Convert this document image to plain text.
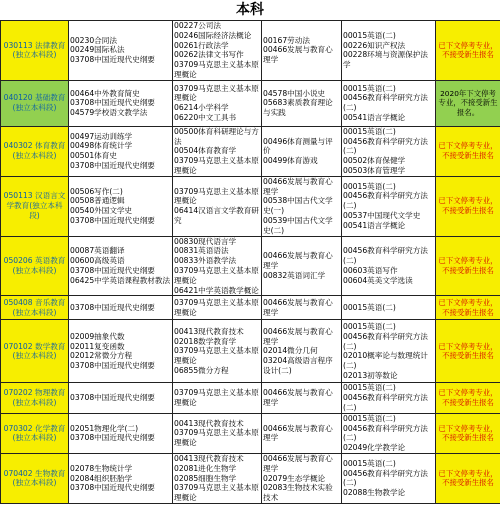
本科
030113 法律教育
(独立本科段)	00230合同法
00249国际私法
03708中国近现代史纲要	00227公司法
00246国际经济法概论
00261行政法学
00262法律文书写作
03709马克思主义基本原理概论	00167劳动法
00466发展与教育心理学	00015英语(二)
00226知识产权法
00228环境与资源保护法学	已下文停考专业，不接受新生报名
040120 基础教育
(独立本科段)	00464中外教育简史
03708中国近现代史纲要
04579学校语文教学法	03709马克思主义基本原理概论
06214小学科学
06220中文工具书	04578中国小说史
05683素质教育理论与实践	00015英语(二)
00456教育科学研究方法(二)
00541语言学概论	2020年下文停考专业，不接受新生报名。
040302 体育教育
(独立本科段)	00497运动训练学
00498体育统计学
00501体育史
03708中国近现代史纲要	00500体育科研理论与方法
00504体育教育学
03709马克思主义基本原理概论	00496体育测量与评价
00499体育游戏	00015英语(二)
00456教育科学研究方法(二)
00502体育保健学
00503体育管理学	已下文停考专业，不接受新生报名
050113 汉语言文学教育(独立本科段)	00506写作(二)
00508普通逻辑
00540外国文学史
03708中国近现代史纲要	03709马克思主义基本原理概论
06414汉语言文学教育研究	00466发展与教育心理学
00538中国古代文学史(一)
00539中国古代文学史(二)	00015英语(二)
00456教育科学研究方法(二)
00537中国现代文学史
00541语言学概论	已下文停考专业，不接受新生报名
050206 英语教育
(独立本科段)	00087英语翻译
00600高级英语
03708中国近现代史纲要
06425中学英语课程教材教法	00830现代语言学
00831英语语法
00833外语教学法
03709马克思主义基本原理概论
06421中学英语教学概论	00466发展与教育心理学
00832英语词汇学	00456教育科学研究方法(二)
00603英语写作
00604英美文学选读	已下文停考专业，不接受新生报名
050408 音乐教育
(独立本科段)	03708中国近现代史纲要	03709马克思主义基本原理概论	00466发展与教育心理学	00015英语(二)	已下文停考专业，不接受新生报名
070102 数学教育
(独立本科段)	02009抽象代数
02011复变函数
02012常微分方程
03708中国近现代史纲要	00413现代教育技术
02018数学教育学
03709马克思主义基本原理概论
06855微分方程	00466发展与教育心理学
02014微分几何
03204高级语言程序设计(二)	00015英语(二)
00456教育科学研究方法(二)
02010概率论与数理统计(二)
02013初等数论	已下文停考专业，不接受新生报名
070202 物理教育
(独立本科段)	03708中国近现代史纲要	03709马克思主义基本原理概论	00466发展与教育心理学	00015英语(二)
00456教育科学研究方法(二)	已下文停考专业，不接受新生报名
070302 化学教育
(独立本科段)	02051物理化学(二)
03708中国近现代史纲要	00413现代教育技术
03709马克思主义基本原理概论	00466发展与教育心理学	00015英语(二)
00456教育科学研究方法(二)
02049化学教学论	已下文停考专业，不接受新生报名
070402 生物教育
(独立本科段)	02078生物统计学
02084组织胚胎学
03708中国近现代史纲要	00413现代教育技术
02081进化生物学
02085细胞生物学
03709马克思主义基本原理概论	00466发展与教育心理学
02079生态学概论
02083生物技术实验技术	00015英语(二)
00456教育科学研究方法(二)
02088生物教学论	已下文停考专业，不接受新生报名
